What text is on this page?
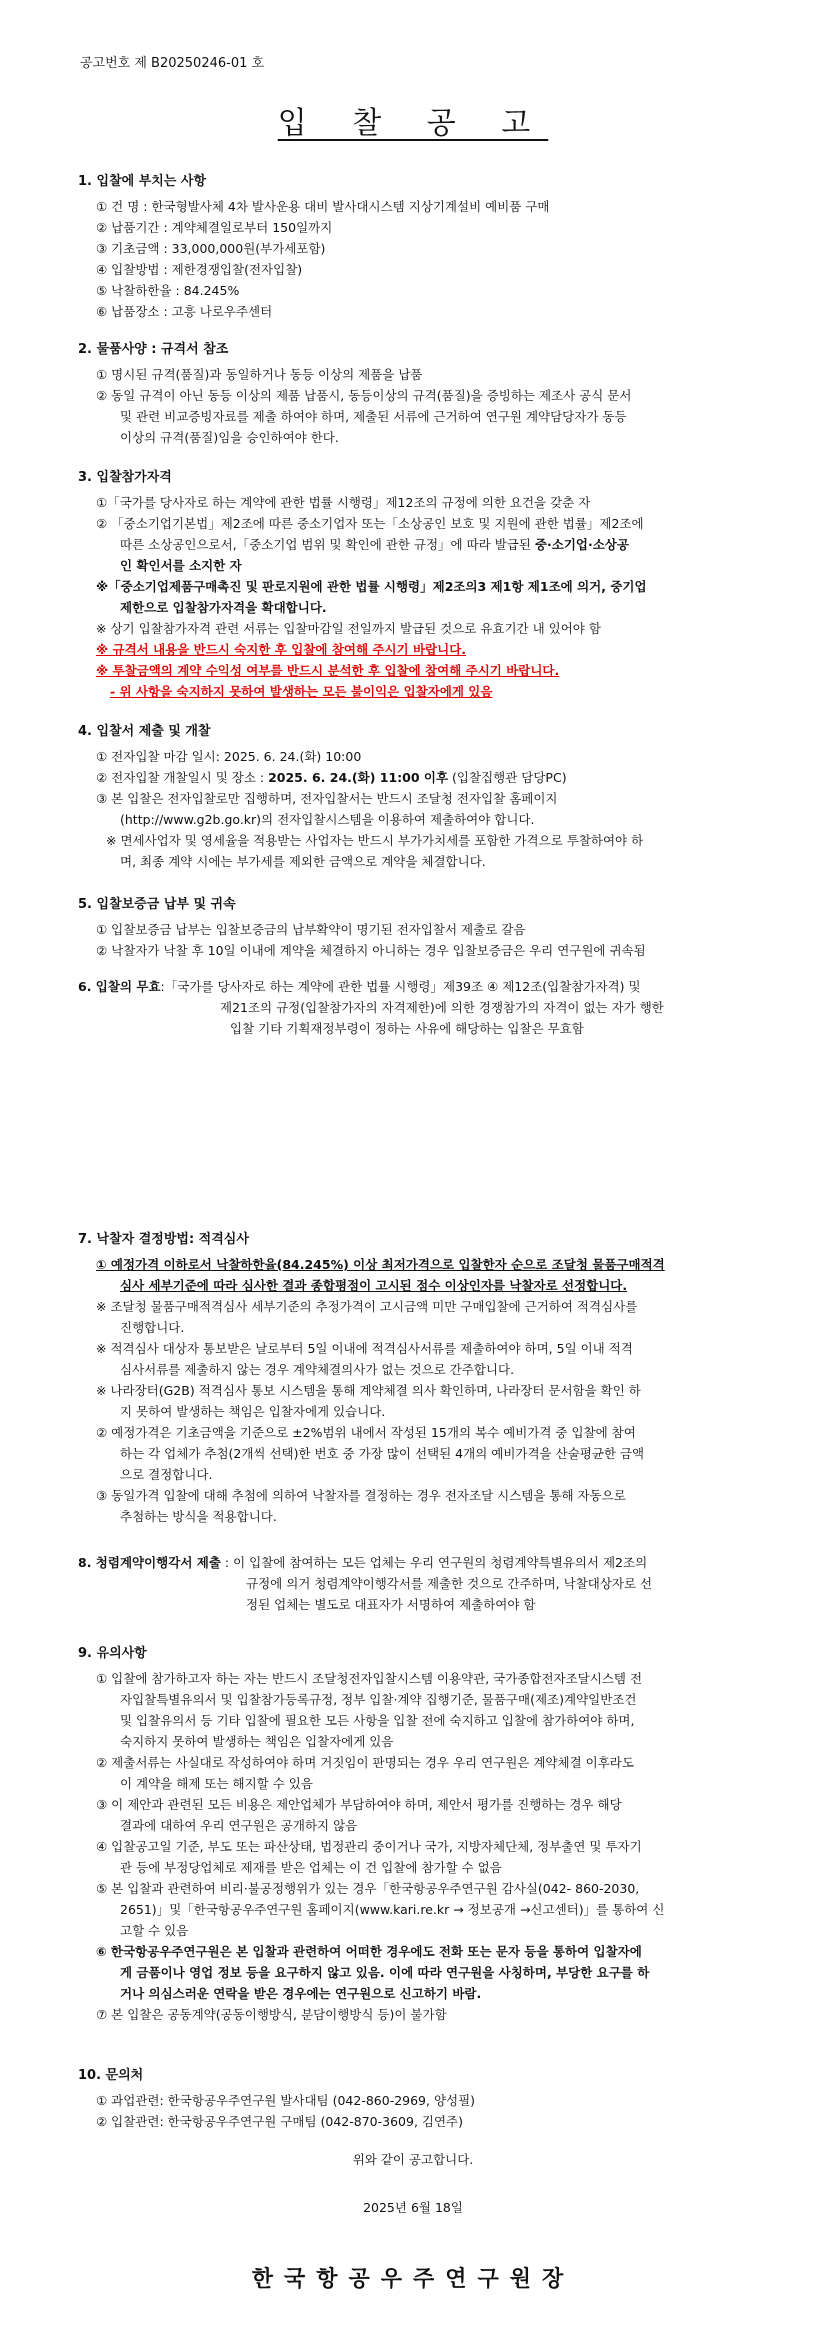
공고번호 제 B20250246-01 호
입 찰 공 고
1. 입찰에 부치는 사항
① 건 명 : 한국형발사체 4차 발사운용 대비 발사대시스템 지상기계설비 예비품 구매
② 납품기간 : 계약체결일로부터 150일까지
③ 기초금액 : 33,000,000원(부가세포함)
④ 입찰방법 : 제한경쟁입찰(전자입찰)
⑤ 낙찰하한율 : 84.245%
⑥ 납품장소 : 고흥 나로우주센터
2. 물품사양 : 규격서 참조
① 명시된 규격(품질)과 동일하거나 동등 이상의 제품을 납품
② 동일 규격이 아닌 동등 이상의 제품 납품시, 동등이상의 규격(품질)을 증빙하는 제조사 공식 문서
및 관련 비교증빙자료를 제출 하여야 하며, 제출된 서류에 근거하여 연구원 계약담당자가 동등
이상의 규격(품질)임을 승인하여야 한다.
3. 입찰참가자격
①「국가를 당사자로 하는 계약에 관한 법률 시행령」제12조의 규정에 의한 요건을 갖춘 자
② 「중소기업기본법」제2조에 따른 중소기업자 또는「소상공인 보호 및 지원에 관한 법률」제2조에
따른 소상공인으로서,「중소기업 범위 및 확인에 관한 규정」에 따라 발급된 중·소기업·소상공
인 확인서를 소지한 자
※「중소기업제품구매촉진 및 판로지원에 관한 법률 시행령」제2조의3 제1항 제1조에 의거, 중기업
제한으로 입찰참가자격을 확대합니다.
※ 상기 입찰참가자격 관련 서류는 입찰마감일 전일까지 발급된 것으로 유효기간 내 있어야 함
※ 규격서 내용을 반드시 숙지한 후 입찰에 참여해 주시기 바랍니다.
※ 투찰금액의 계약 수익성 여부를 반드시 분석한 후 입찰에 참여해 주시기 바랍니다.
- 위 사항을 숙지하지 못하여 발생하는 모든 불이익은 입찰자에게 있음
4. 입찰서 제출 및 개찰
① 전자입찰 마감 일시: 2025. 6. 24.(화) 10:00
② 전자입찰 개찰일시 및 장소 : 2025. 6. 24.(화) 11:00 이후 (입찰집행관 담당PC)
③ 본 입찰은 전자입찰로만 집행하며, 전자입찰서는 반드시 조달청 전자입찰 홈페이지
(http://www.g2b.go.kr)의 전자입찰시스템을 이용하여 제출하여야 합니다.
※ 면세사업자 및 영세율을 적용받는 사업자는 반드시 부가가치세를 포함한 가격으로 투찰하여야 하
며, 최종 계약 시에는 부가세를 제외한 금액으로 계약을 체결합니다.
5. 입찰보증금 납부 및 귀속
① 입찰보증금 납부는 입찰보증금의 납부확약이 명기된 전자입찰서 제출로 갈음
② 낙찰자가 낙찰 후 10일 이내에 계약을 체결하지 아니하는 경우 입찰보증금은 우리 연구원에 귀속됨
6. 입찰의 무효:「국가를 당사자로 하는 계약에 관한 법률 시행령」제39조 ④ 제12조(입찰참가자격) 및
제21조의 규정(입찰참가자의 자격제한)에 의한 경쟁참가의 자격이 없는 자가 행한
입찰 기타 기획재정부령이 정하는 사유에 해당하는 입찰은 무효함
7. 낙찰자 결정방법: 적격심사
① 예정가격 이하로서 낙찰하한율(84.245%) 이상 최저가격으로 입찰한자 순으로 조달청 물품구매적격
심사 세부기준에 따라 심사한 결과 종합평점이 고시된 점수 이상인자를 낙찰자로 선정합니다.
※ 조달청 물품구매적격심사 세부기준의 추정가격이 고시금액 미만 구매입찰에 근거하여 적격심사를
진행합니다.
※ 적격심사 대상자 통보받은 날로부터 5일 이내에 적격심사서류를 제출하여야 하며, 5일 이내 적격
심사서류를 제출하지 않는 경우 계약체결의사가 없는 것으로 간주합니다.
※ 나라장터(G2B) 적격심사 통보 시스템을 통해 계약체결 의사 확인하며, 나라장터 문서함을 확인 하
지 못하여 발생하는 책임은 입찰자에게 있습니다.
② 예정가격은 기초금액을 기준으로 ±2%범위 내에서 작성된 15개의 복수 예비가격 중 입찰에 참여
하는 각 업체가 추첨(2개씩 선택)한 번호 중 가장 많이 선택된 4개의 예비가격을 산술평균한 금액
으로 결정합니다.
③ 동일가격 입찰에 대해 추첨에 의하여 낙찰자를 결정하는 경우 전자조달 시스템을 통해 자동으로
추첨하는 방식을 적용합니다.
8. 청렴계약이행각서 제출 : 이 입찰에 참여하는 모든 업체는 우리 연구원의 청렴계약특별유의서 제2조의
규정에 의거 청렴계약이행각서를 제출한 것으로 간주하며, 낙찰대상자로 선
정된 업체는 별도로 대표자가 서명하여 제출하여야 함
9. 유의사항
① 입찰에 참가하고자 하는 자는 반드시 조달청전자입찰시스템 이용약관, 국가종합전자조달시스템 전
자입찰특별유의서 및 입찰참가등록규정, 정부 입찰·계약 집행기준, 물품구매(제조)계약일반조건
및 입찰유의서 등 기타 입찰에 필요한 모든 사항을 입찰 전에 숙지하고 입찰에 참가하여야 하며,
숙지하지 못하여 발생하는 책임은 입찰자에게 있음
② 제출서류는 사실대로 작성하여야 하며 거짓임이 판명되는 경우 우리 연구원은 계약체결 이후라도
이 계약을 해제 또는 해지할 수 있음
③ 이 제안과 관련된 모든 비용은 제안업체가 부담하여야 하며, 제안서 평가를 진행하는 경우 해당
결과에 대하여 우리 연구원은 공개하지 않음
④ 입찰공고일 기준, 부도 또는 파산상태, 법정관리 중이거나 국가, 지방자체단체, 정부출연 및 투자기
관 등에 부정당업체로 제재를 받은 업체는 이 건 입찰에 참가할 수 없음
⑤ 본 입찰과 관련하여 비리·불공정행위가 있는 경우「한국항공우주연구원 감사실(042- 860-2030,
2651)」및「한국항공우주연구원 홈페이지(www.kari.re.kr → 정보공개 →신고센터)」를 통하여 신
고할 수 있음
⑥ 한국항공우주연구원은 본 입찰과 관련하여 어떠한 경우에도 전화 또는 문자 등을 통하여 입찰자에
게 금품이나 영업 정보 등을 요구하지 않고 있음. 이에 따라 연구원을 사칭하며, 부당한 요구를 하
거나 의심스러운 연락을 받은 경우에는 연구원으로 신고하기 바람.
⑦ 본 입찰은 공동계약(공동이행방식, 분담이행방식 등)이 불가함
10. 문의처
① 과업관련: 한국항공우주연구원 발사대팀 (042-860-2969, 양성필)
② 입찰관련: 한국항공우주연구원 구매팀 (042-870-3609, 김연주)
위와 같이 공고합니다.
2025년 6월 18일
한국항공우주연구원장
